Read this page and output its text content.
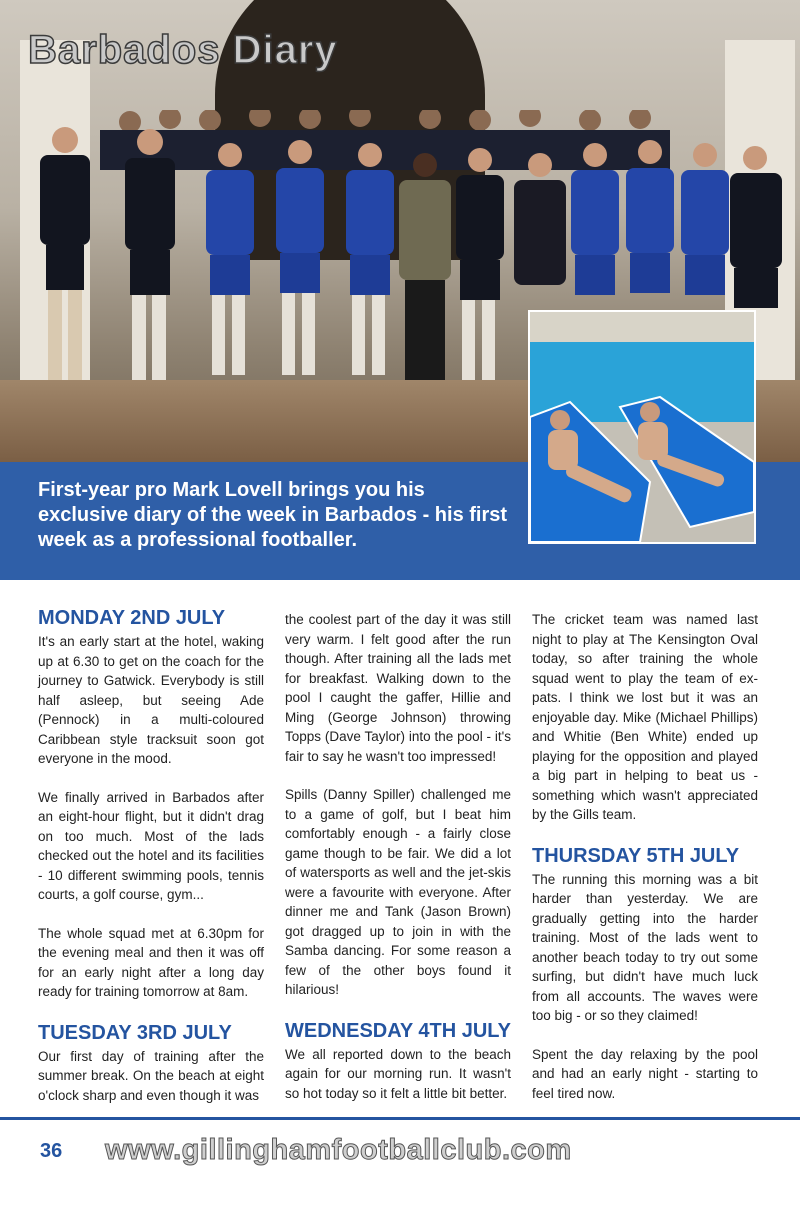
Barbados Diary
First-year pro Mark Lovell brings you his exclusive diary of the week in Barbados - his first week as a professional footballer.
MONDAY 2ND JULY

It's an early start at the hotel, waking up at 6.30 to get on the coach for the journey to Gatwick. Everybody is still half asleep, but seeing Ade (Pennock) in a multi-coloured Caribbean style tracksuit soon got everyone in the mood.

We finally arrived in Barbados after an eight-hour flight, but it didn't drag on too much. Most of the lads checked out the hotel and its facilities - 10 different swimming pools, tennis courts, a golf course, gym...

The whole squad met at 6.30pm for the evening meal and then it was off for an early night after a long day ready for training tomorrow at 8am.

TUESDAY 3RD JULY

Our first day of training after the summer break. On the beach at eight o'clock sharp and even though it was

the coolest part of the day it was still very warm. I felt good after the run though. After training all the lads met for breakfast. Walking down to the pool I caught the gaffer, Hillie and Ming (George Johnson) throwing Topps (Dave Taylor) into the pool - it's fair to say he wasn't too impressed!

Spills (Danny Spiller) challenged me to a game of golf, but I beat him comfortably enough - a fairly close game though to be fair. We did a lot of watersports as well and the jet-skis were a favourite with everyone. After dinner me and Tank (Jason Brown) got dragged up to join in with the Samba dancing. For some reason a few of the other boys found it hilarious!

WEDNESDAY 4TH JULY

We all reported down to the beach again for our morning run. It wasn't so hot today so it felt a little bit better.

The cricket team was named last night to play at The Kensington Oval today, so after training the whole squad went to play the team of ex-pats. I think we lost but it was an enjoyable day. Mike (Michael Phillips) and Whitie (Ben White) ended up playing for the opposition and played a big part in helping to beat us - something which wasn't appreciated by the Gills team.

THURSDAY 5TH JULY

The running this morning was a bit harder than yesterday. We are gradually getting into the harder training. Most of the lads went to another beach today to try out some surfing, but didn't have much luck from all accounts. The waves were too big - or so they claimed!

Spent the day relaxing by the pool and had an early night - starting to feel tired now.

36 www.gillinghamfootballclub.com
